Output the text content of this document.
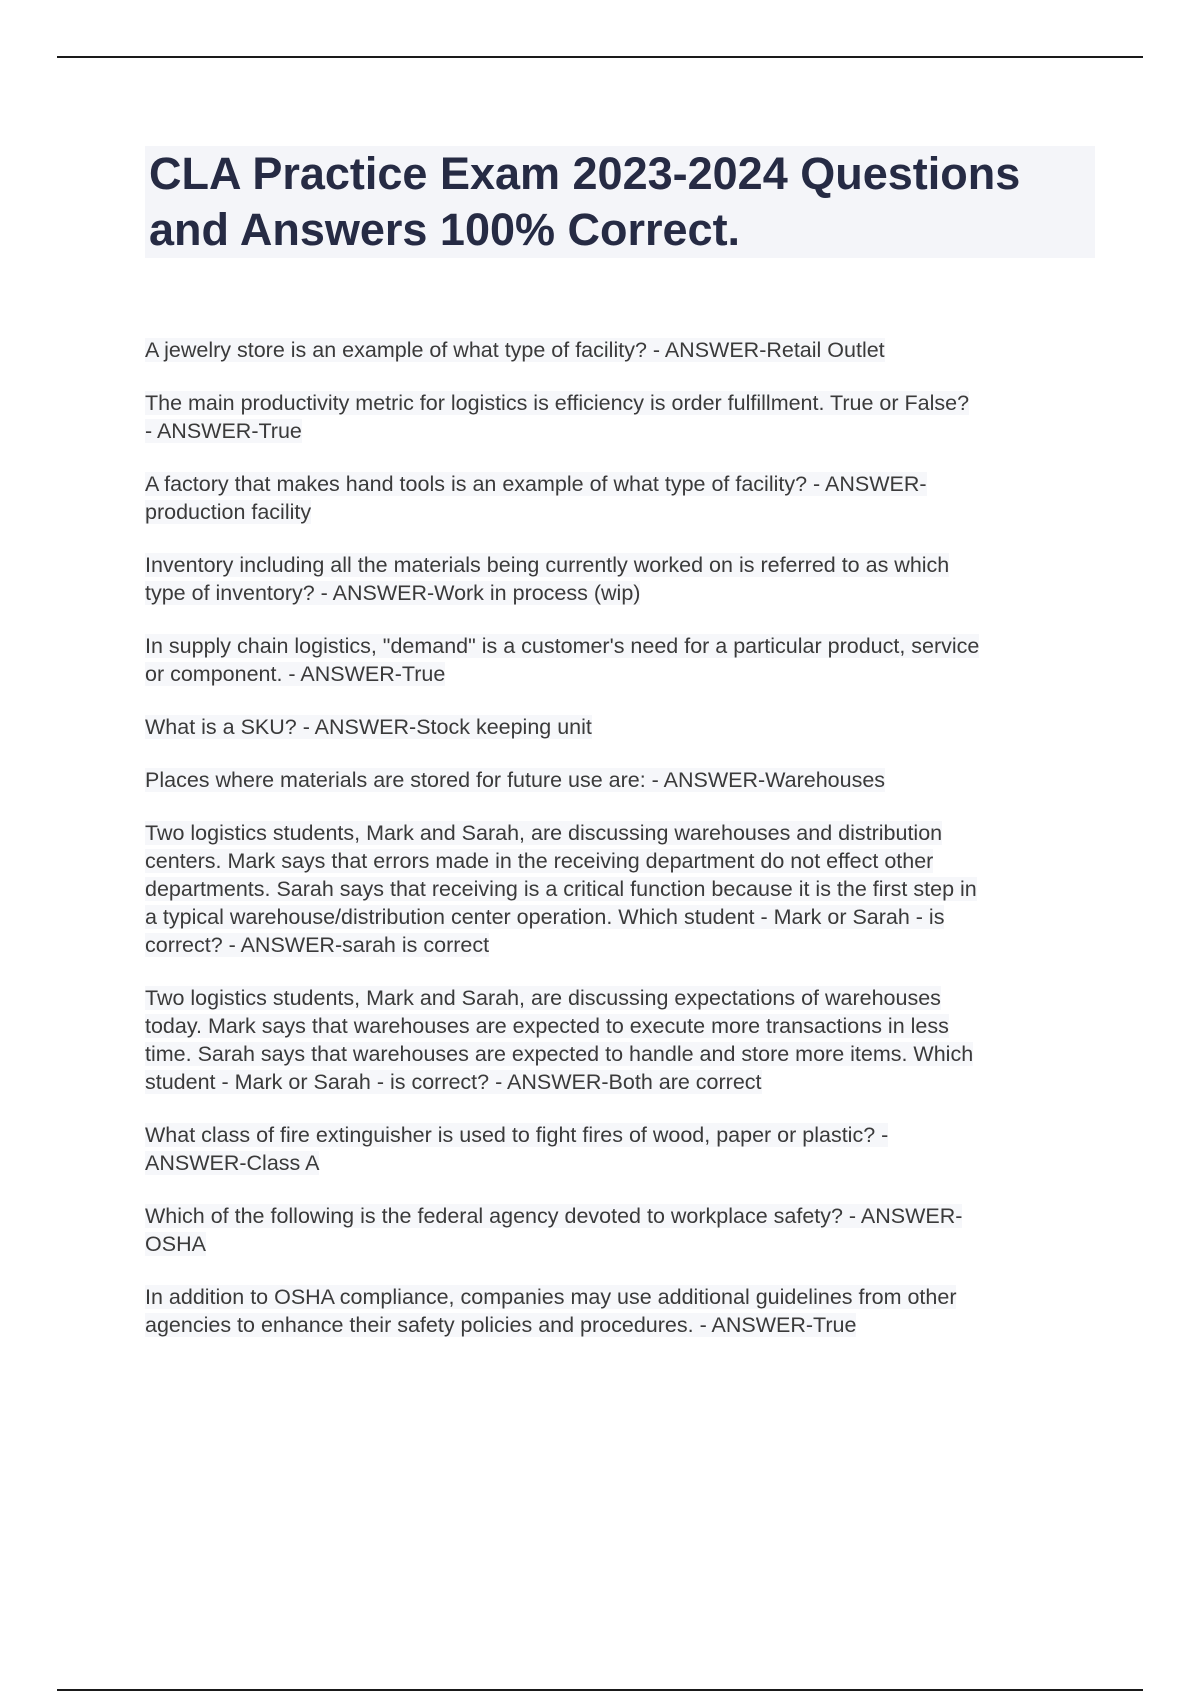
CLA Practice Exam 2023-2024 Questions
and Answers 100% Correct.
A jewelry store is an example of what type of facility? - ANSWER-Retail Outlet
The main productivity metric for logistics is efficiency is order fulfillment. True or False?
- ANSWER-True
A factory that makes hand tools is an example of what type of facility? - ANSWER-
production facility
Inventory including all the materials being currently worked on is referred to as which
type of inventory? - ANSWER-Work in process (wip)
In supply chain logistics, "demand" is a customer's need for a particular product, service
or component. - ANSWER-True
What is a SKU? - ANSWER-Stock keeping unit
Places where materials are stored for future use are: - ANSWER-Warehouses
Two logistics students, Mark and Sarah, are discussing warehouses and distribution
centers. Mark says that errors made in the receiving department do not effect other
departments. Sarah says that receiving is a critical function because it is the first step in
a typical warehouse/distribution center operation. Which student - Mark or Sarah - is
correct? - ANSWER-sarah is correct
Two logistics students, Mark and Sarah, are discussing expectations of warehouses
today. Mark says that warehouses are expected to execute more transactions in less
time. Sarah says that warehouses are expected to handle and store more items. Which
student - Mark or Sarah - is correct? - ANSWER-Both are correct
What class of fire extinguisher is used to fight fires of wood, paper or plastic? -
ANSWER-Class A
Which of the following is the federal agency devoted to workplace safety? - ANSWER-
OSHA
In addition to OSHA compliance, companies may use additional guidelines from other
agencies to enhance their safety policies and procedures. - ANSWER-True
